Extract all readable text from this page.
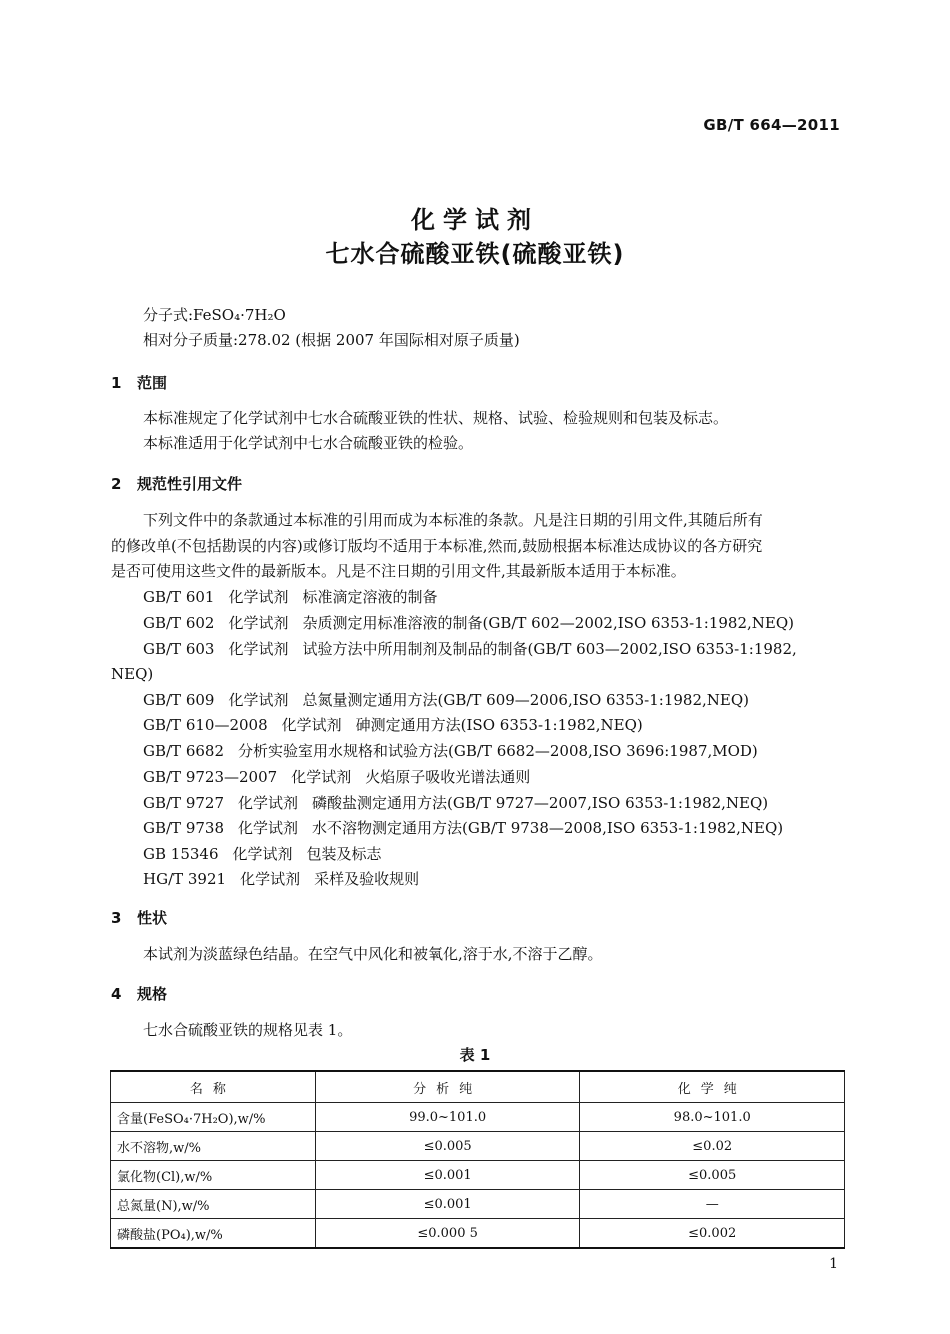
GB/T 664—2011
化学试剂
七水合硫酸亚铁(硫酸亚铁)
分子式:FeSO₄·7H₂O
相对分子质量:278.02 (根据 2007 年国际相对原子质量)
1 范围
本标准规定了化学试剂中七水合硫酸亚铁的性状、规格、试验、检验规则和包装及标志。
本标准适用于化学试剂中七水合硫酸亚铁的检验。
2 规范性引用文件
下列文件中的条款通过本标准的引用而成为本标准的条款。凡是注日期的引用文件,其随后所有
的修改单(不包括勘误的内容)或修订版均不适用于本标准,然而,鼓励根据本标准达成协议的各方研究
是否可使用这些文件的最新版本。凡是不注日期的引用文件,其最新版本适用于本标准。
GB/T 601 化学试剂 标准滴定溶液的制备
GB/T 602 化学试剂 杂质测定用标准溶液的制备(GB/T 602—2002,ISO 6353-1:1982,NEQ)
GB/T 603 化学试剂 试验方法中所用制剂及制品的制备(GB/T 603—2002,ISO 6353-1:1982,
NEQ)
GB/T 609 化学试剂 总氮量测定通用方法(GB/T 609—2006,ISO 6353-1:1982,NEQ)
GB/T 610—2008 化学试剂 砷测定通用方法(ISO 6353-1:1982,NEQ)
GB/T 6682 分析实验室用水规格和试验方法(GB/T 6682—2008,ISO 3696:1987,MOD)
GB/T 9723—2007 化学试剂 火焰原子吸收光谱法通则
GB/T 9727 化学试剂 磷酸盐测定通用方法(GB/T 9727—2007,ISO 6353-1:1982,NEQ)
GB/T 9738 化学试剂 水不溶物测定通用方法(GB/T 9738—2008,ISO 6353-1:1982,NEQ)
GB 15346 化学试剂 包装及标志
HG/T 3921 化学试剂 采样及验收规则
3 性状
本试剂为淡蓝绿色结晶。在空气中风化和被氧化,溶于水,不溶于乙醇。
4 规格
七水合硫酸亚铁的规格见表 1。
表 1
名称	分析纯	化学纯
含量(FeSO₄·7H₂O),w/%	99.0~101.0	98.0~101.0
水不溶物,w/%	≤0.005	≤0.02
氯化物(Cl),w/%	≤0.001	≤0.005
总氮量(N),w/%	≤0.001	—
磷酸盐(PO₄),w/%	≤0.000 5	≤0.002
1
